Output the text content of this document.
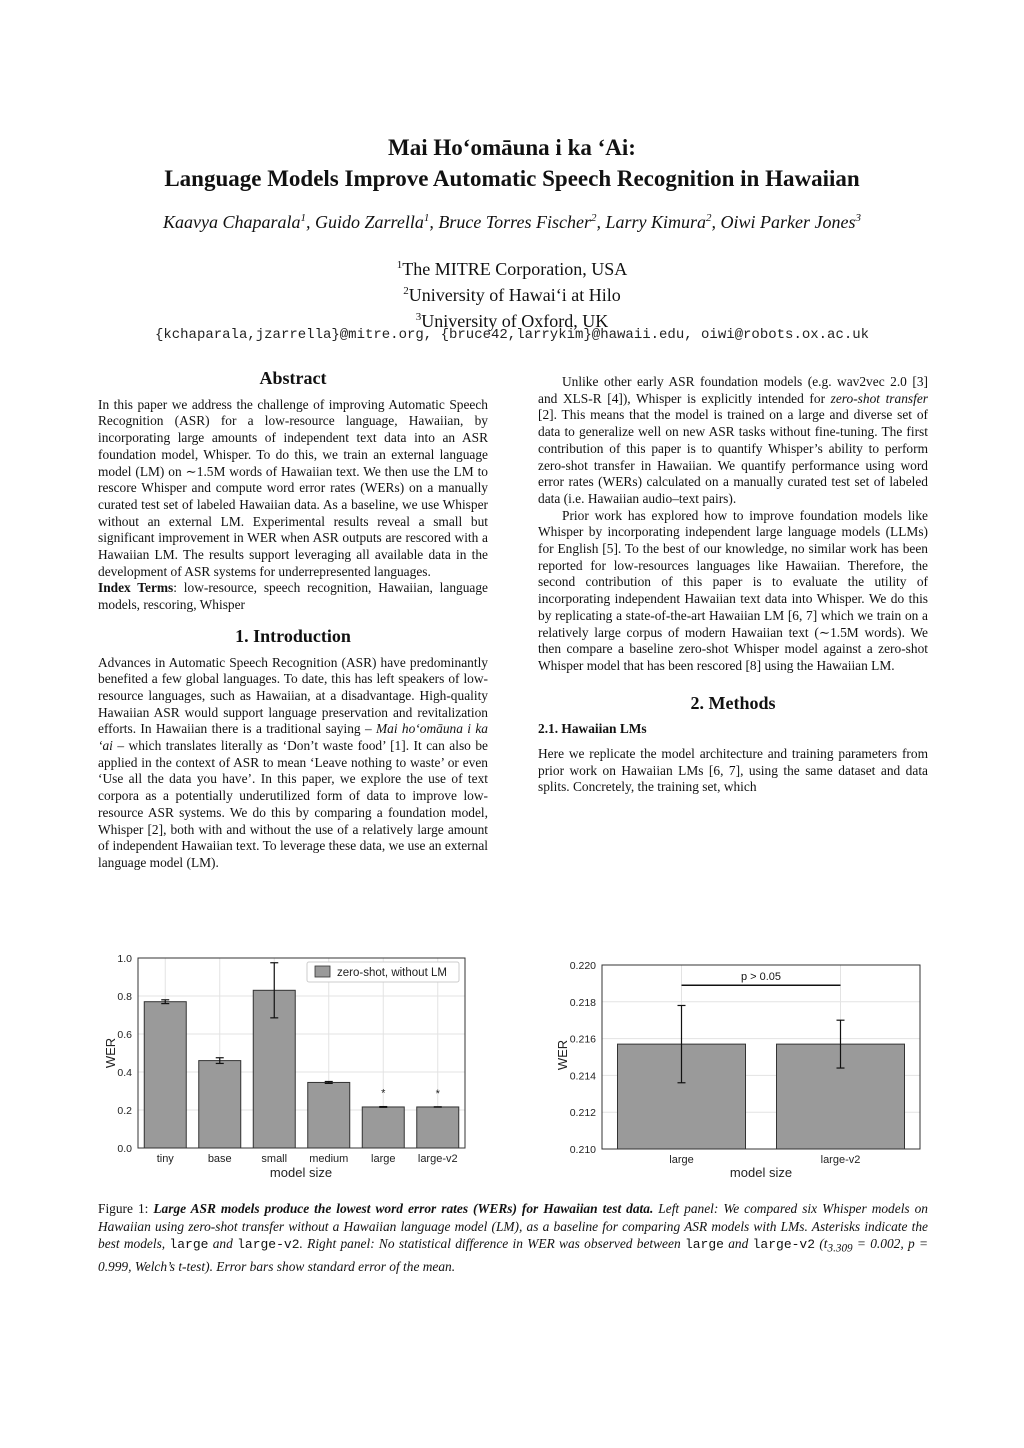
Mai Ho‘omāuna i ka ‘Ai:
Language Models Improve Automatic Speech Recognition in Hawaiian
Kaavya Chaparala$^1$, Guido Zarrella$^1$, Bruce Torres Fischer$^2$, Larry Kimura$^2$, Oiwi Parker Jones$^3$
$^1$The MITRE Corporation, USA
$^2$University of Hawai‘i at Hilo
$^3$University of Oxford, UK
{kchaparala,jzarrella}@mitre.org, {bruce42,larrykim}@hawaii.edu, oiwi@robots.ox.ac.uk
Abstract

In this paper we address the challenge of improving Automatic Speech Recognition (ASR) for a low-resource language, Hawaiian, by incorporating large amounts of independent text data into an ASR foundation model, Whisper. To do this, we train an external language model (LM) on ∼1.5M words of Hawaiian text. We then use the LM to rescore Whisper and compute word error rates (WERs) on a manually curated test set of labeled Hawaiian data. As a baseline, we use Whisper without an external LM. Experimental results reveal a small but significant improvement in WER when ASR outputs are rescored with a Hawaiian LM. The results support leveraging all available data in the development of ASR systems for underrepresented languages.

Index Terms: low-resource, speech recognition, Hawaiian, language models, rescoring, Whisper

1. Introduction

Advances in Automatic Speech Recognition (ASR) have predominantly benefited a few global languages. To date, this has left speakers of low-resource languages, such as Hawaiian, at a disadvantage. High-quality Hawaiian ASR would support language preservation and revitalization efforts. In Hawaiian there is a traditional saying – Mai ho‘omāuna i ka ‘ai – which translates literally as ‘Don’t waste food’ [1]. It can also be applied in the context of ASR to mean ‘Leave nothing to waste’ or even ‘Use all the data you have’. In this paper, we explore the use of text corpora as a potentially underutilized form of data to improve low-resource ASR systems. We do this by comparing a foundation model, Whisper [2], both with and without the use of a relatively large amount of independent Hawaiian text. To leverage these data, we use an external language model (LM).

Unlike other early ASR foundation models (e.g. wav2vec 2.0 [3] and XLS-R [4]), Whisper is explicitly intended for zero-shot transfer [2]. This means that the model is trained on a large and diverse set of data to generalize well on new ASR tasks without fine-tuning. The first contribution of this paper is to quantify Whisper’s ability to perform zero-shot transfer in Hawaiian. We quantify performance using word error rates (WERs) calculated on a manually curated test set of labeled data (i.e. Hawaiian audio–text pairs).

Prior work has explored how to improve foundation models like Whisper by incorporating independent large language models (LLMs) for English [5]. To the best of our knowledge, no similar work has been reported for low-resources languages like Hawaiian. Therefore, the second contribution of this paper is to evaluate the utility of incorporating independent Hawaiian text data into Whisper. We do this by replicating a state-of-the-art Hawaiian LM [6, 7] which we train on a relatively large corpus of modern Hawaiian text (∼1.5M words). We then compare a baseline zero-shot Whisper model against a zero-shot Whisper model that has been rescored [8] using the Hawaiian LM.

2. Methods
2.1. Hawaiian LMs

Here we replicate the model architecture and training parameters from prior work on Hawaiian LMs [6, 7], using the same dataset and data splits. Concretely, the training set, which

*	*
0.0
0.2
0.4
0.6
0.8
1.0
tiny	base	small medium large large-v2
zero-shot, without LM
model size
WER
0.210
0.212
0.214
0.216
0.218
0.220
large	large-v2
p > 0.05
model size
WER
Figure 1: Large ASR models produce the lowest word error rates (WERs) for Hawaiian test data. Left panel: We compared six Whisper models on Hawaiian using zero-shot transfer without a Hawaiian language model (LM), as a baseline for comparing ASR models with LMs. Asterisks indicate the best models, large and large-v2. Right panel: No statistical difference in WER was observed between large and large-v2 ($t_{3.309} = 0.002$, p = 0.999, Welch’s t-test). Error bars show standard error of the mean.
